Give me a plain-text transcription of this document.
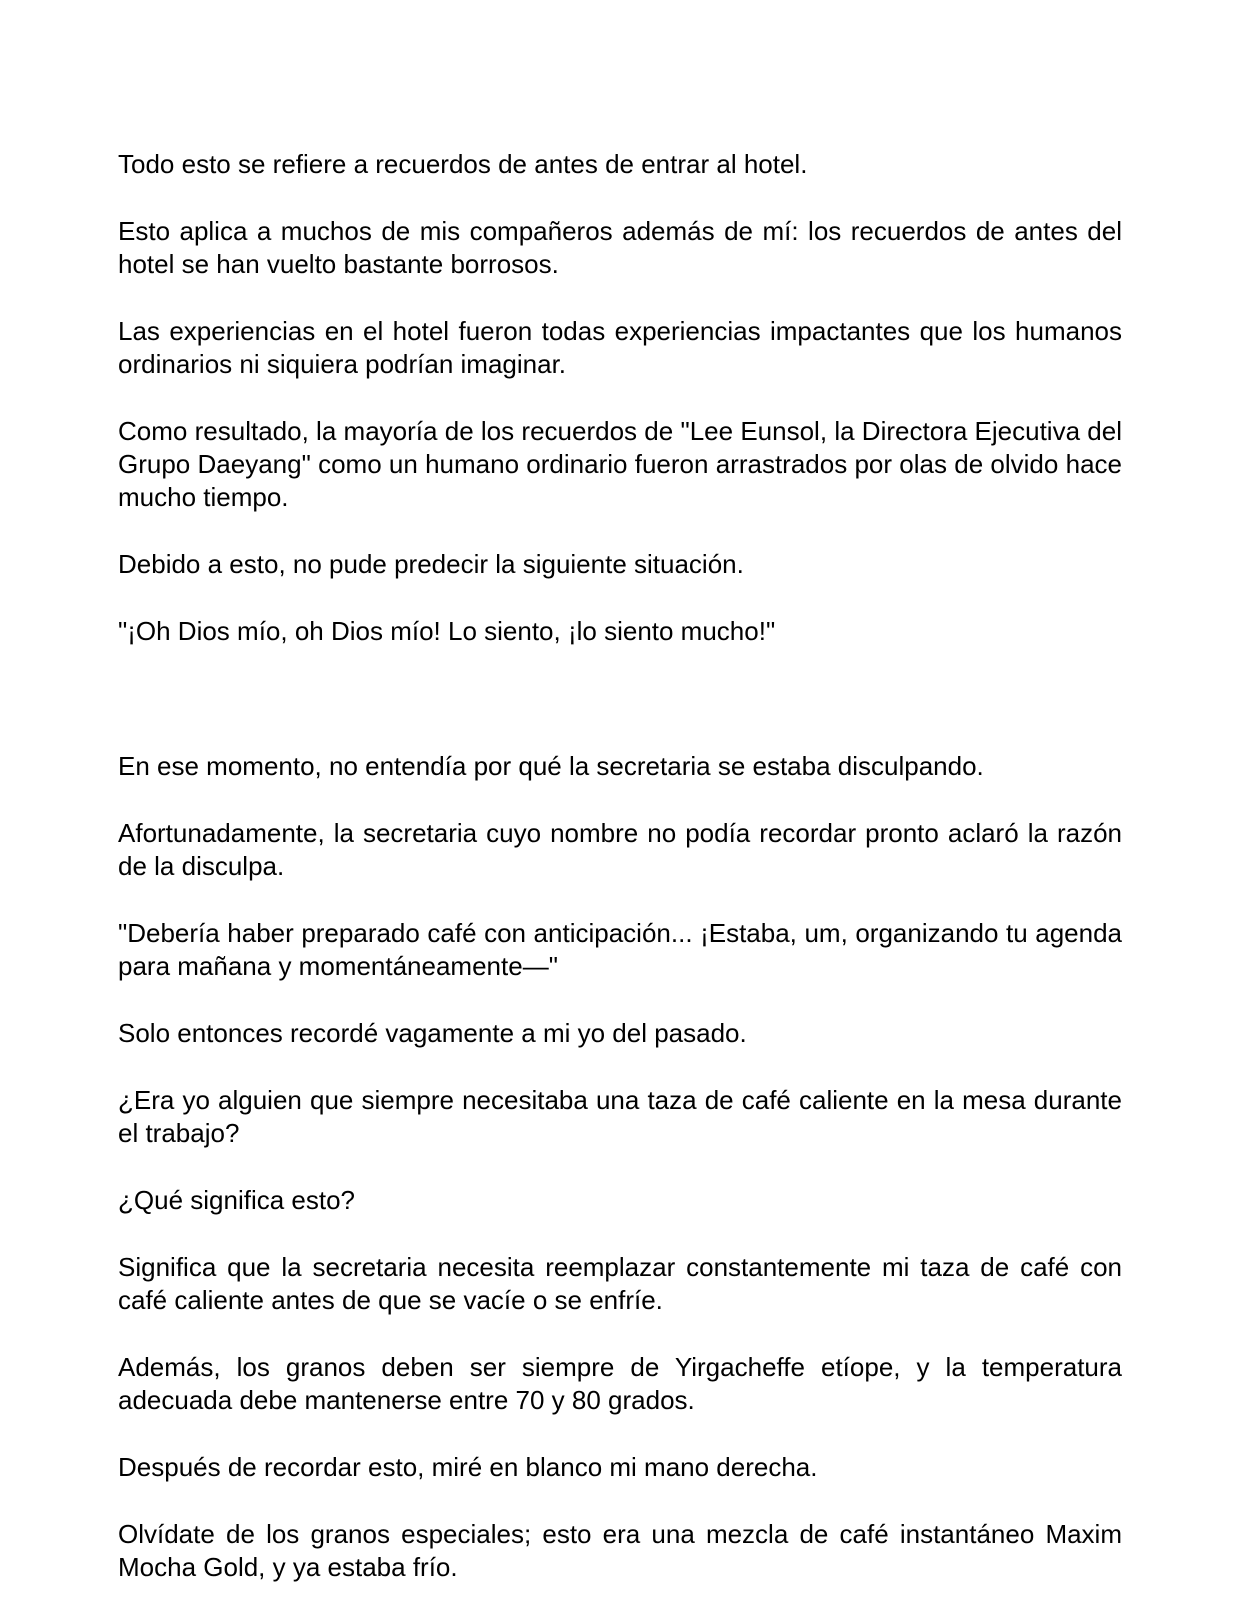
Todo esto se refiere a recuerdos de antes de entrar al hotel.

Esto aplica a muchos de mis compañeros además de mí: los recuerdos de antes del hotel se han vuelto bastante borrosos.

Las experiencias en el hotel fueron todas experiencias impactantes que los humanos ordinarios ni siquiera podrían imaginar.

Como resultado, la mayoría de los recuerdos de "Lee Eunsol, la Directora Ejecutiva del Grupo Daeyang" como un humano ordinario fueron arrastrados por olas de olvido hace mucho tiempo.

Debido a esto, no pude predecir la siguiente situación.

"¡Oh Dios mío, oh Dios mío! Lo siento, ¡lo siento mucho!"

En ese momento, no entendía por qué la secretaria se estaba disculpando.

Afortunadamente, la secretaria cuyo nombre no podía recordar pronto aclaró la razón de la disculpa.

"Debería haber preparado café con anticipación... ¡Estaba, um, organizando tu agenda para mañana y momentáneamente—"

Solo entonces recordé vagamente a mi yo del pasado.

¿Era yo alguien que siempre necesitaba una taza de café caliente en la mesa durante el trabajo?

¿Qué significa esto?

Significa que la secretaria necesita reemplazar constantemente mi taza de café con café caliente antes de que se vacíe o se enfríe.

Además, los granos deben ser siempre de Yirgacheffe etíope, y la temperatura adecuada debe mantenerse entre 70 y 80 grados.

Después de recordar esto, miré en blanco mi mano derecha.

Olvídate de los granos especiales; esto era una mezcla de café instantáneo Maxim Mocha Gold, y ya estaba frío.
